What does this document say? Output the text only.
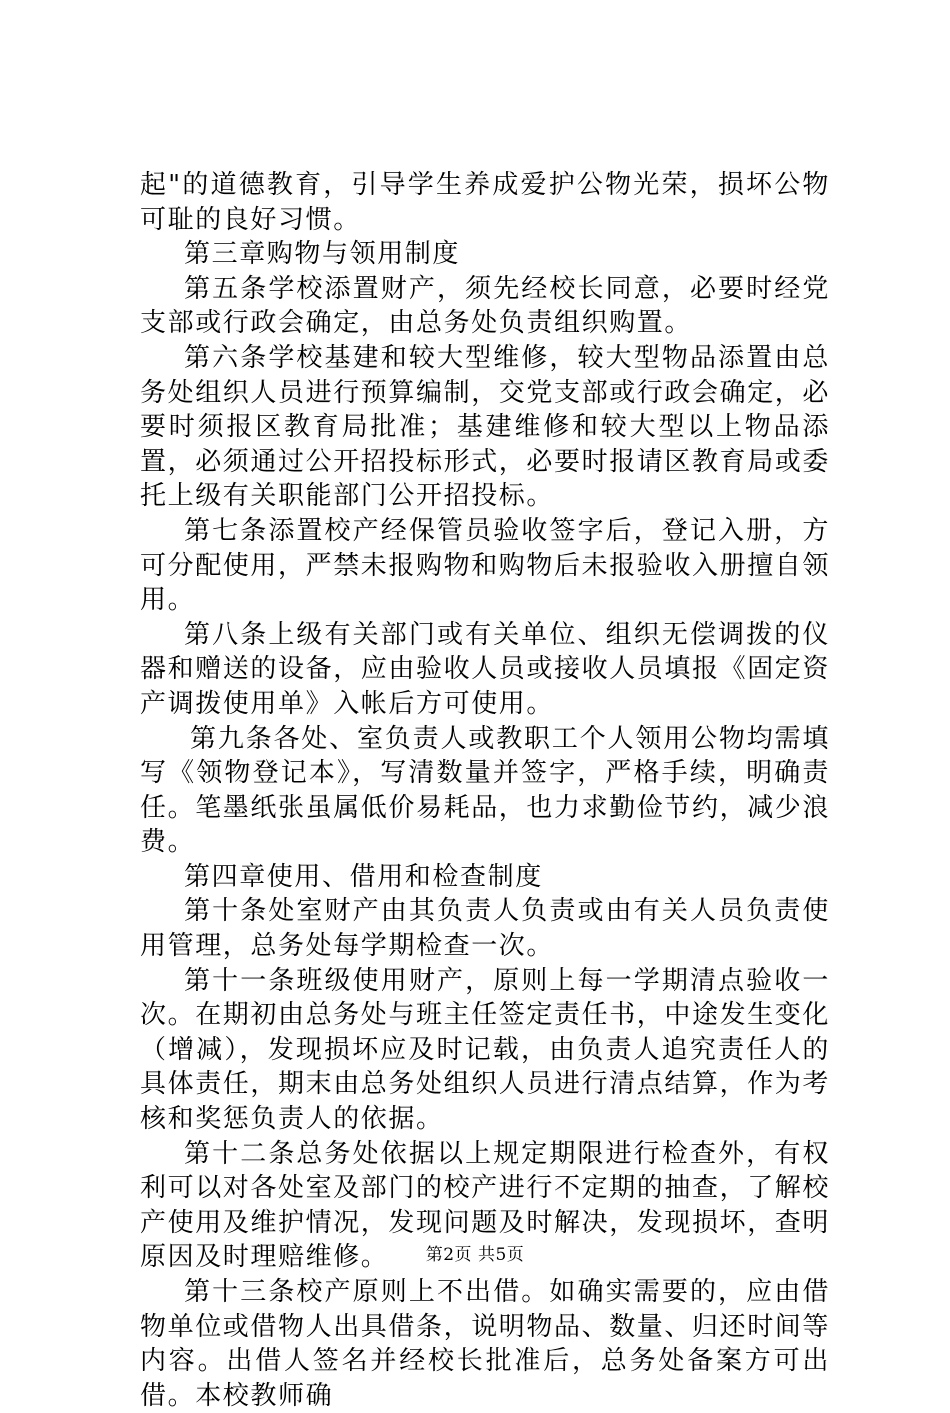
起"的道德教育，引导学生养成爱护公物光荣，损坏公物可耻的良好习惯。

第三章购物与领用制度

第五条学校添置财产，须先经校长同意，必要时经党支部或行政会确定，由总务处负责组织购置。

第六条学校基建和较大型维修，较大型物品添置由总务处组织人员进行预算编制，交党支部或行政会确定，必要时须报区教育局批准；基建维修和较大型以上物品添置，必须通过公开招投标形式，必要时报请区教育局或委托上级有关职能部门公开招投标。

第七条添置校产经保管员验收签字后，登记入册，方可分配使用，严禁未报购物和购物后未报验收入册擅自领用。

第八条上级有关部门或有关单位、组织无偿调拨的仪器和赠送的设备，应由验收人员或接收人员填报《固定资产调拨使用单》入帐后方可使用。

第九条各处、室负责人或教职工个人领用公物均需填写《领物登记本》，写清数量并签字，严格手续，明确责任。笔墨纸张虽属低价易耗品，也力求勤俭节约，减少浪费。

第四章使用、借用和检查制度

第十条处室财产由其负责人负责或由有关人员负责使用管理，总务处每学期检查一次。

第十一条班级使用财产，原则上每一学期清点验收一次。在期初由总务处与班主任签定责任书，中途发生变化（增减），发现损坏应及时记载，由负责人追究责任人的具体责任，期末由总务处组织人员进行清点结算，作为考核和奖惩负责人的依据。

第十二条总务处依据以上规定期限进行检查外，有权利可以对各处室及部门的校产进行不定期的抽查，了解校产使用及维护情况，发现问题及时解决，发现损坏，查明原因及时理赔维修。

第十三条校产原则上不出借。如确实需要的，应由借物单位或借物人出具借条，说明物品、数量、归还时间等内容。出借人签名并经校长批准后，总务处备案方可出借。本校教师确

第2页 共5页
